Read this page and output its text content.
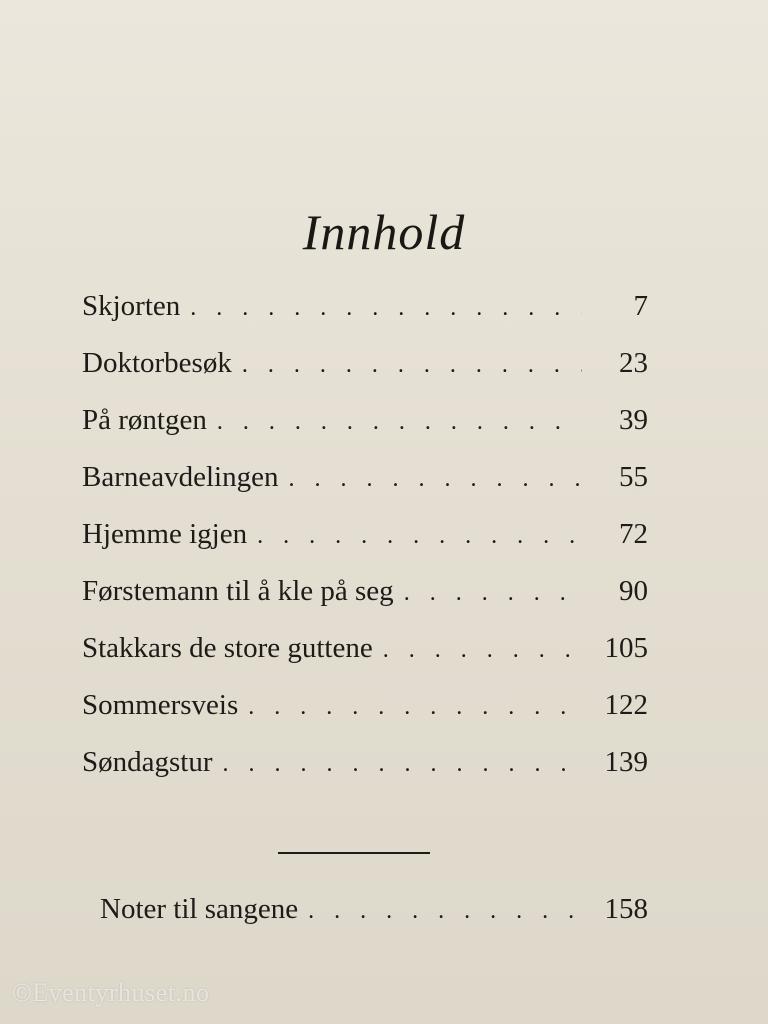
Innhold
Skjorten . . .	7
Doktorbesøk . . .	23
På røntgen . . .	39
Barneavdelingen . . .	55
Hjemme igjen . . .	72
Førstemann til å kle på seg . . .	90
Stakkars de store guttene . . .	105
Sommersveis . . .	122
Søndagstur . . .	139
Noter til sangene . . .	158
©Eventyrhuset.no
